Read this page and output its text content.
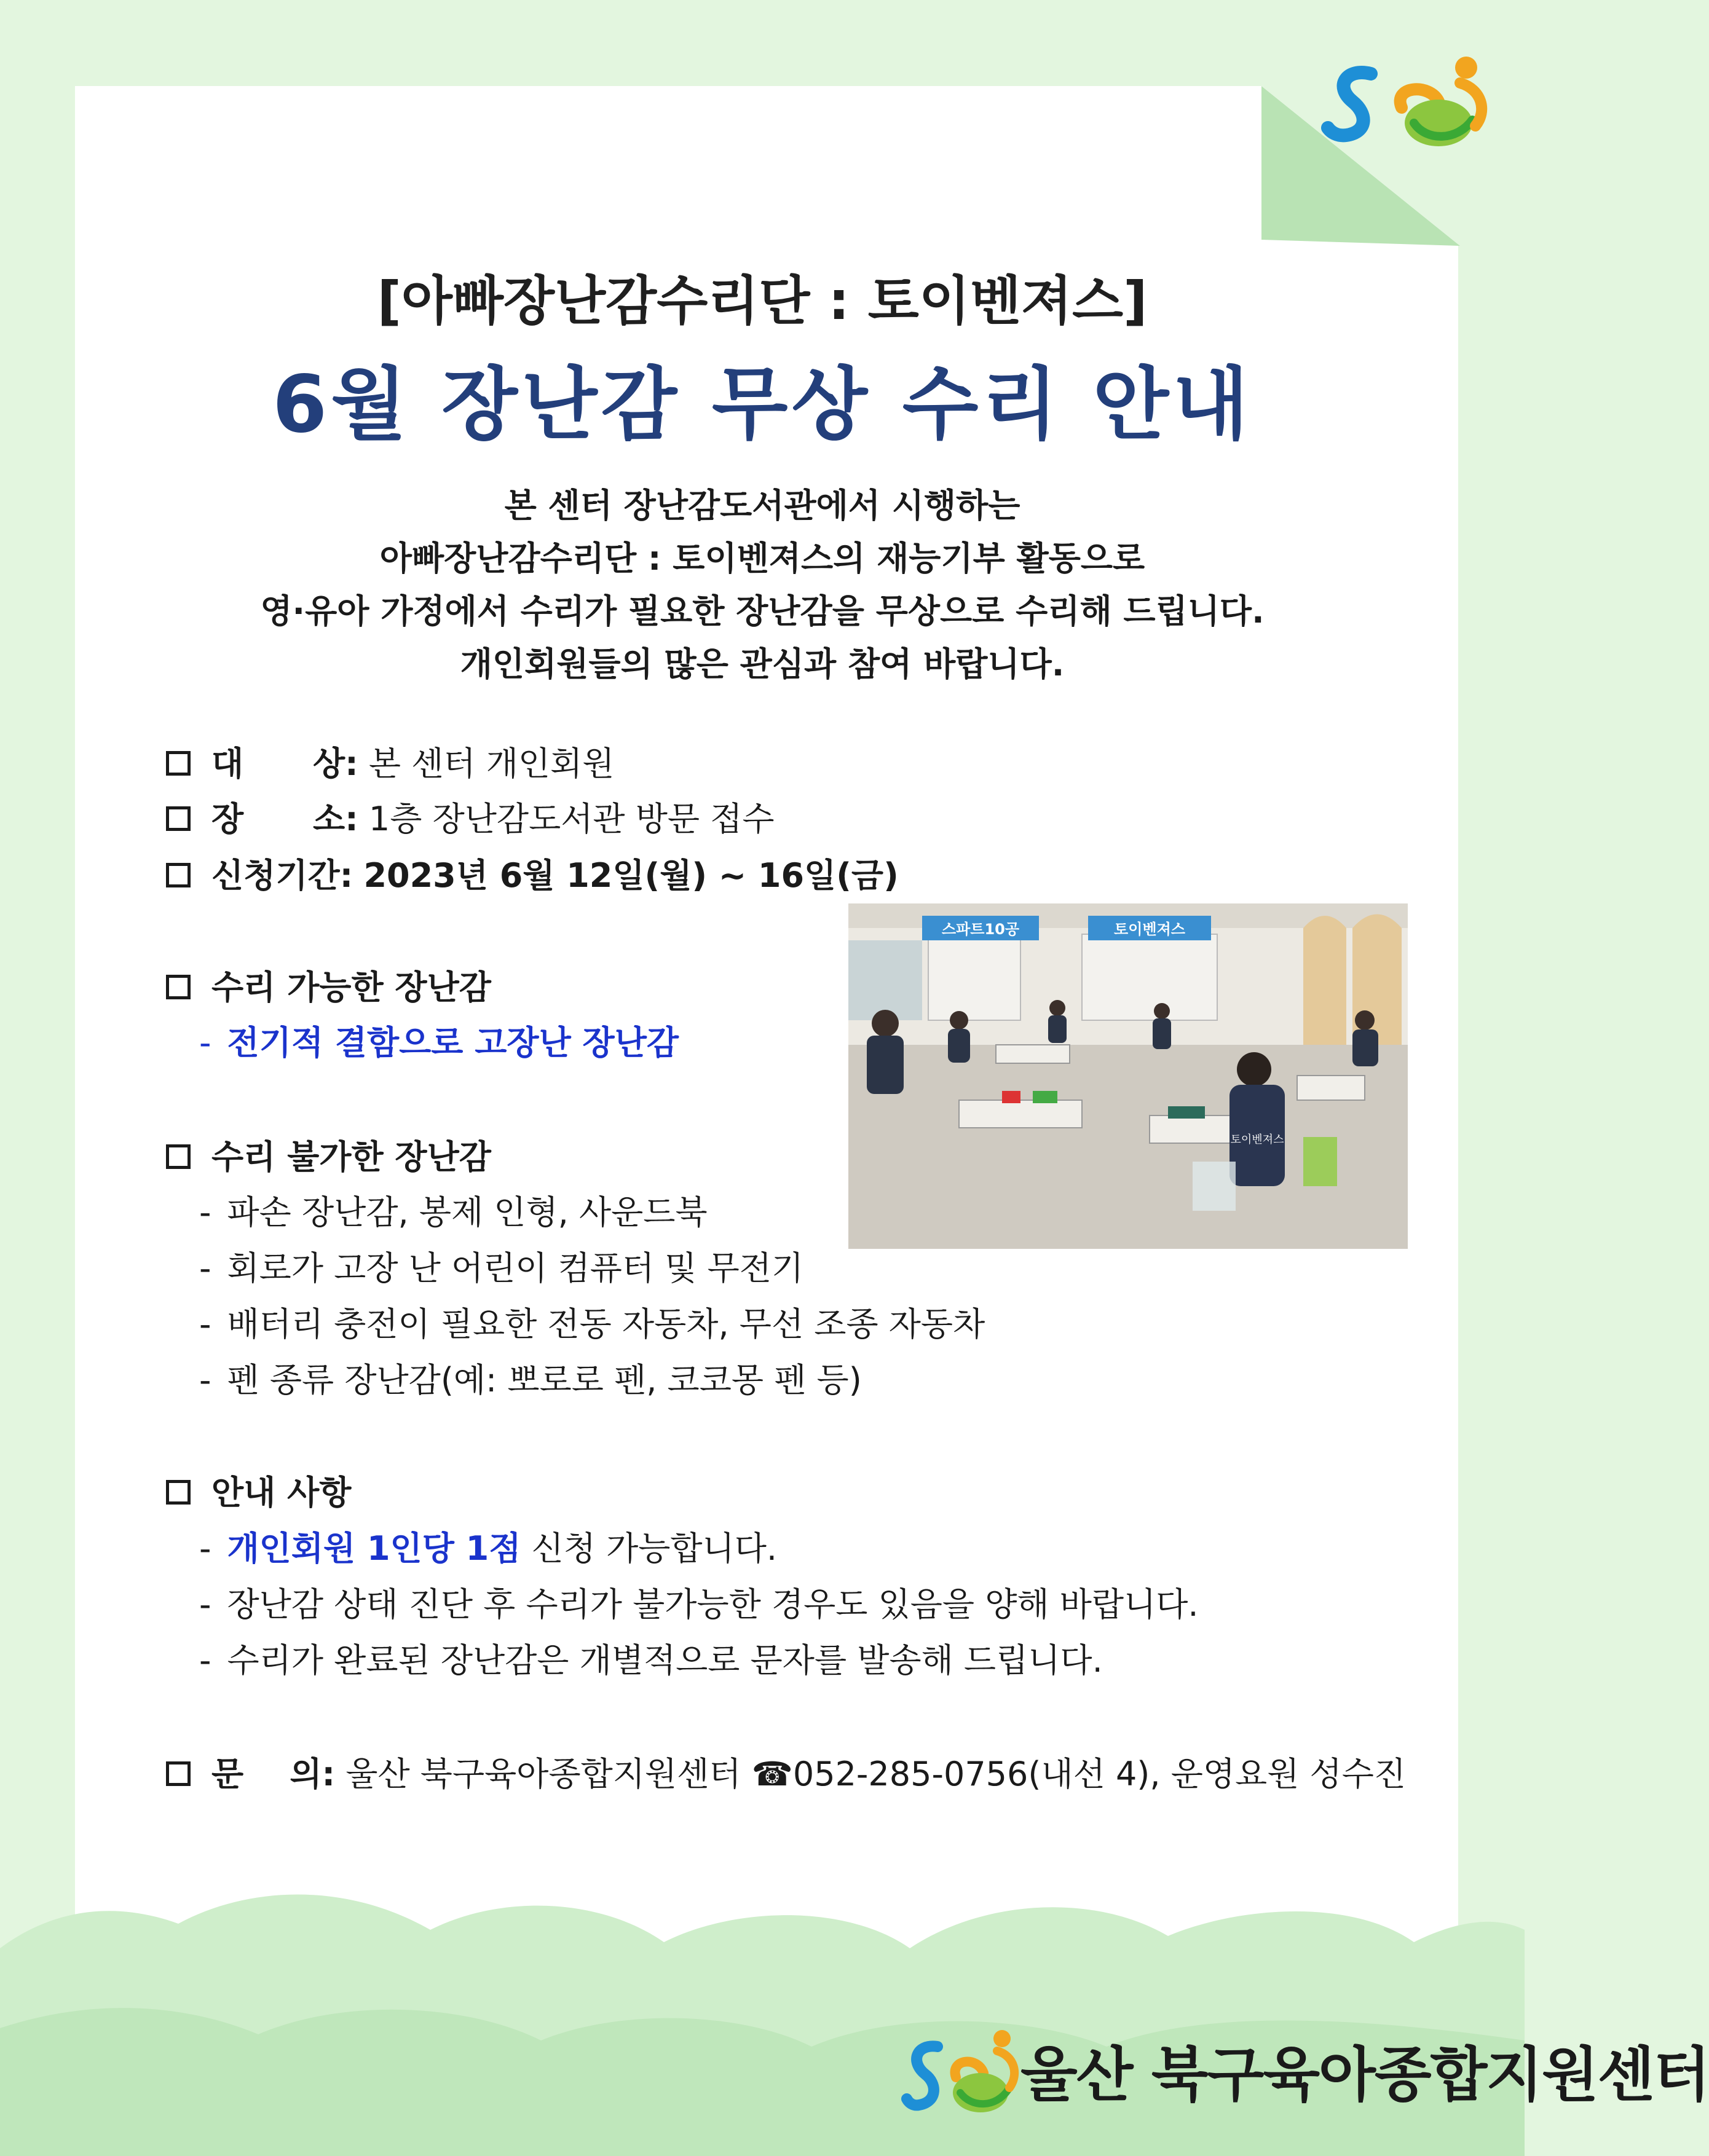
[아빠장난감수리단 : 토이벤져스]
6월 장난감 무상 수리 안내
본 센터 장난감도서관에서 시행하는
아빠장난감수리단 : 토이벤져스의 재능기부 활동으로
영·유아 가정에서 수리가 필요한 장난감을 무상으로 수리해 드립니다.
개인회원들의 많은 관심과 참여 바랍니다.
대      상: 본 센터 개인회원
장      소: 1층 장난감도서관 방문 접수
신청기간: 2023년 6월 12일(월) ~ 16일(금)
수리 가능한 장난감
- 전기적 결함으로 고장난 장난감
수리 불가한 장난감
- 파손 장난감, 봉제 인형, 사운드북
- 회로가 고장 난 어린이 컴퓨터 및 무전기
- 배터리 충전이 필요한 전동 자동차, 무선 조종 자동차
- 펜 종류 장난감(예: 뽀로로 펜, 코코몽 펜 등)
안내 사항
- 개인회원 1인당 1점 신청 가능합니다.
- 장난감 상태 진단 후 수리가 불가능한 경우도 있음을 양해 바랍니다.
- 수리가 완료된 장난감은 개별적으로 문자를 발송해 드립니다.
문    의: 울산 북구육아종합지원센터 ☎052-285-0756(내선 4), 운영요원 성수진
스파트10공	토이벤져스
토이벤져스
울산 북구육아종합지원센터
